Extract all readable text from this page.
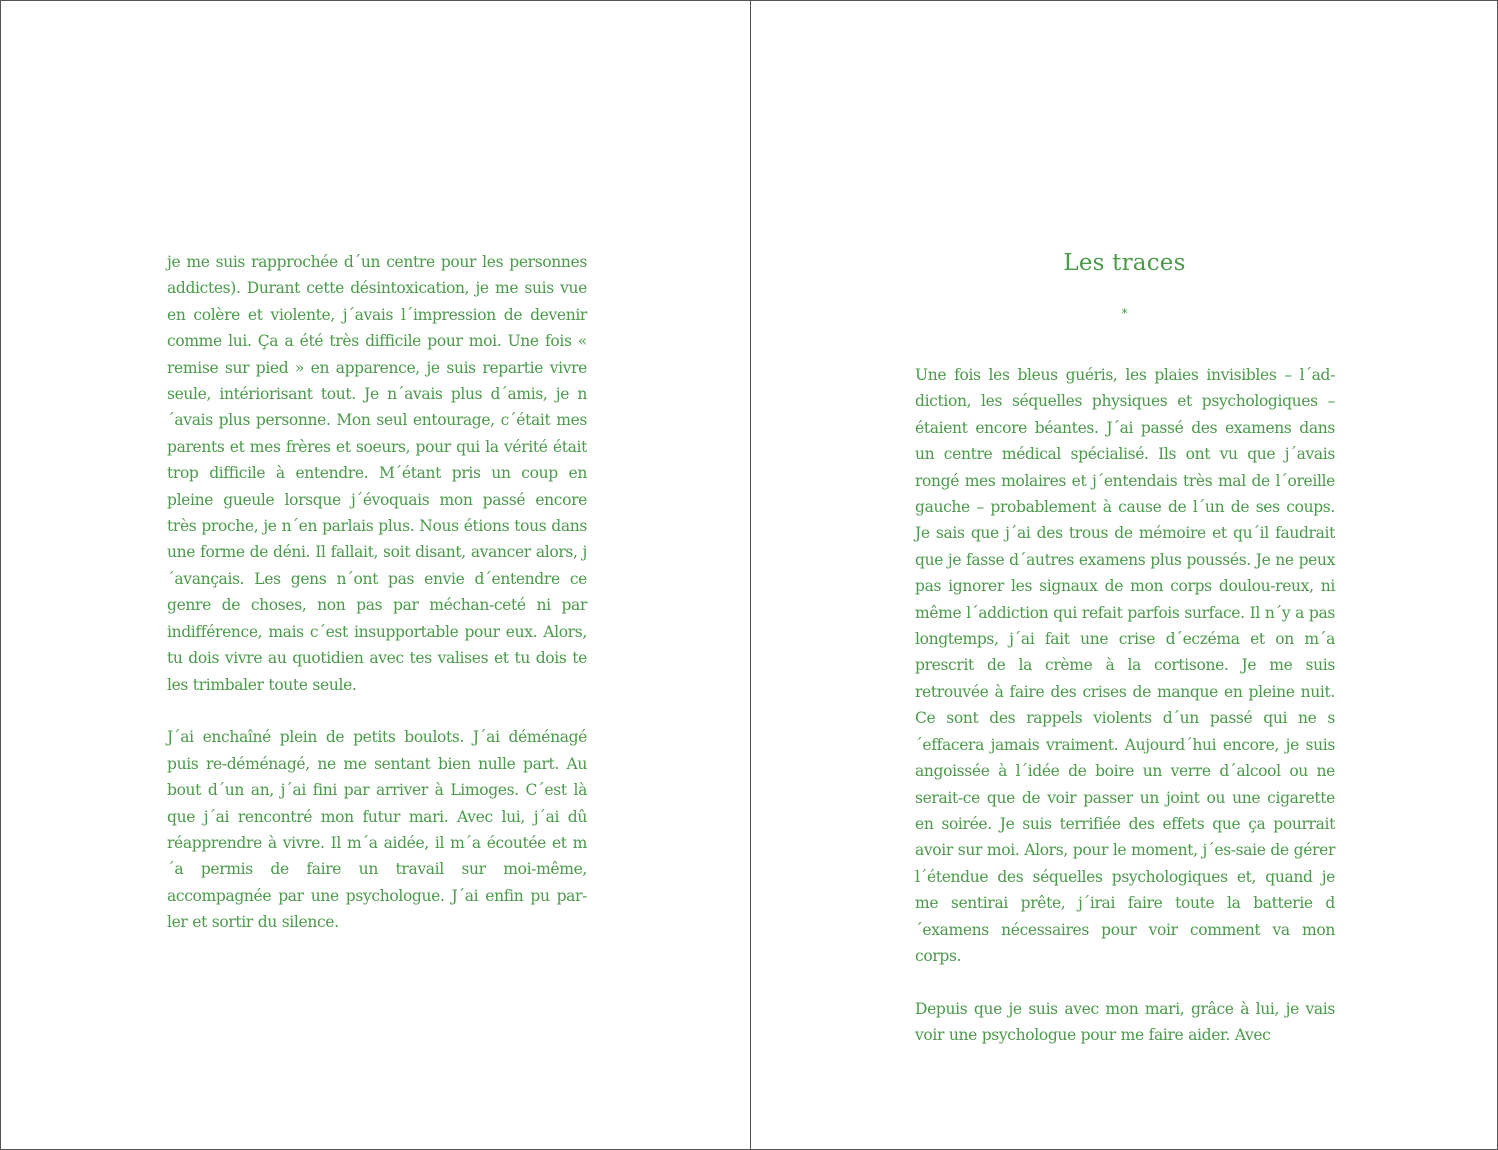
je me suis rapprochée d´un centre pour les personnes addictes). Durant cette désintoxication, je me suis vue en colère et violente, j´avais l´impression de devenir comme lui. Ça a été très difficile pour moi. Une fois « remise sur pied » en apparence, je suis repartie vivre seule, intériorisant tout. Je n´avais plus d´amis, je n´avais plus personne. Mon seul entourage, c´était mes parents et mes frères et soeurs, pour qui la vérité était trop difficile à entendre. M´étant pris un coup en pleine gueule lorsque j´évoquais mon passé encore très proche, je n´en parlais plus. Nous étions tous dans une forme de déni. Il fallait, soit disant, avancer alors, j´avançais. Les gens n´ont pas envie d´entendre ce genre de choses, non pas par méchan-ceté ni par indifférence, mais c´est insupportable pour eux. Alors, tu dois vivre au quotidien avec tes valises et tu dois te les trimbaler toute seule.

J´ai enchaîné plein de petits boulots. J´ai déménagé puis re-déménagé, ne me sentant bien nulle part. Au bout d´un an, j´ai fini par arriver à Limoges. C´est là que j´ai rencontré mon futur mari. Avec lui, j´ai dû réapprendre à vivre. Il m´a aidée, il m´a écoutée et m´a permis de faire un travail sur moi-même, accompagnée par une psychologue. J´ai enfin pu par-ler et sortir du silence.

Les traces
*

Une fois les bleus guéris, les plaies invisibles – l´ad-diction, les séquelles physiques et psychologiques – étaient encore béantes. J´ai passé des examens dans un centre médical spécialisé. Ils ont vu que j´avais rongé mes molaires et j´entendais très mal de l´oreille gauche – probablement à cause de l´un de ses coups. Je sais que j´ai des trous de mémoire et qu´il faudrait que je fasse d´autres examens plus poussés. Je ne peux pas ignorer les signaux de mon corps doulou-reux, ni même l´addiction qui refait parfois surface. Il n´y a pas longtemps, j´ai fait une crise d´eczéma et on m´a prescrit de la crème à la cortisone. Je me suis retrouvée à faire des crises de manque en pleine nuit. Ce sont des rappels violents d´un passé qui ne s´effacera jamais vraiment. Aujourd´hui encore, je suis angoissée à l´idée de boire un verre d´alcool ou ne serait-ce que de voir passer un joint ou une cigarette en soirée. Je suis terrifiée des effets que ça pourrait avoir sur moi. Alors, pour le moment, j´es-saie de gérer l´étendue des séquelles psychologiques et, quand je me sentirai prête, j´irai faire toute la batterie d´examens nécessaires pour voir comment va mon corps.

Depuis que je suis avec mon mari, grâce à lui, je vais voir une psychologue pour me faire aider. Avec
